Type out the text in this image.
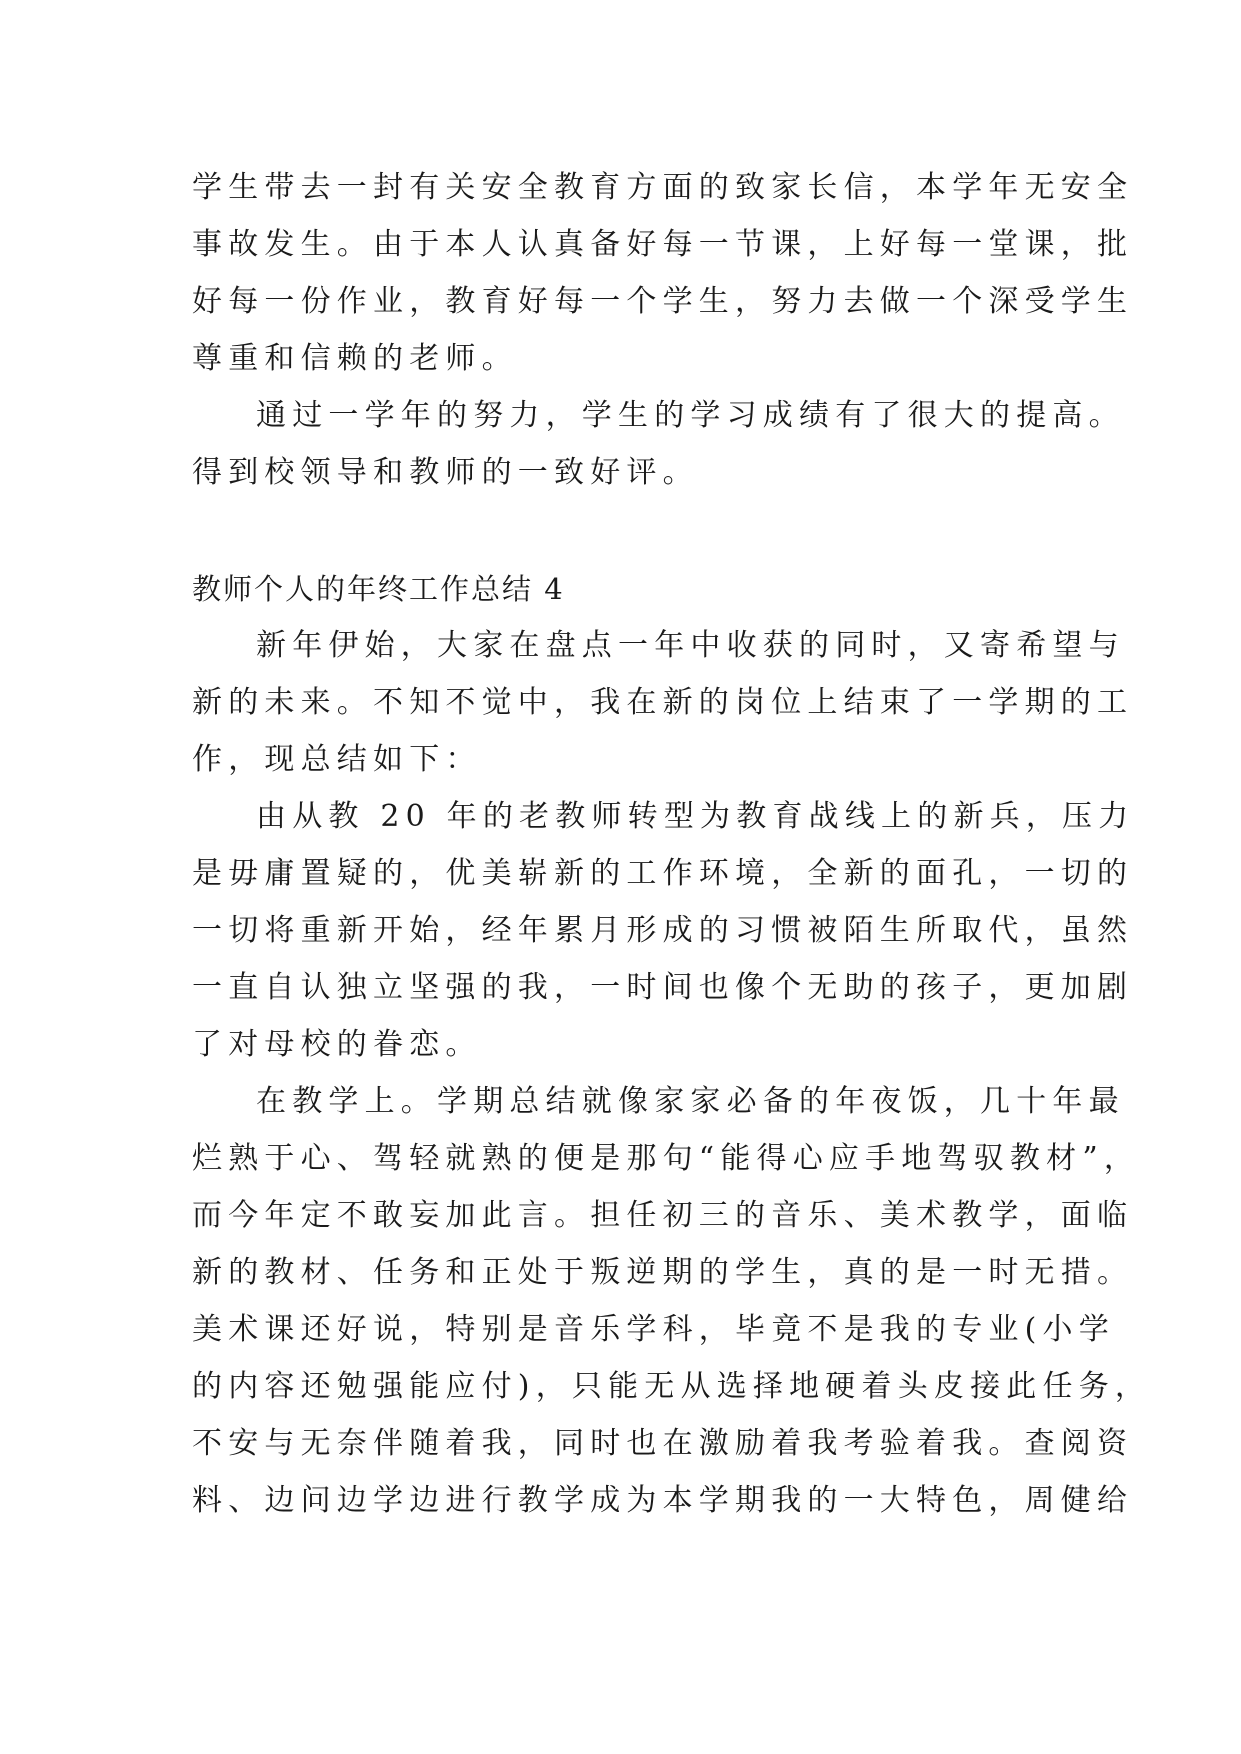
学生带去一封有关安全教育方面的致家长信，本学年无安全

事故发生。由于本人认真备好每一节课，上好每一堂课，批

好每一份作业，教育好每一个学生，努力去做一个深受学生

尊重和信赖的老师。

通过一学年的努力，学生的学习成绩有了很大的提高。

得到校领导和教师的一致好评。

教师个人的年终工作总结 4

新年伊始，大家在盘点一年中收获的同时，又寄希望与

新的未来。不知不觉中，我在新的岗位上结束了一学期的工

作，现总结如下：

由从教 20 年的老教师转型为教育战线上的新兵，压力

是毋庸置疑的，优美崭新的工作环境，全新的面孔，一切的

一切将重新开始，经年累月形成的习惯被陌生所取代，虽然

一直自认独立坚强的我，一时间也像个无助的孩子，更加剧

了对母校的眷恋。

在教学上。学期总结就像家家必备的年夜饭，几十年最

烂熟于心、驾轻就熟的便是那句“能得心应手地驾驭教材”，

而今年定不敢妄加此言。担任初三的音乐、美术教学，面临

新的教材、任务和正处于叛逆期的学生，真的是一时无措。

美术课还好说，特别是音乐学科，毕竟不是我的专业(小学

的内容还勉强能应付)，只能无从选择地硬着头皮接此任务，

不安与无奈伴随着我，同时也在激励着我考验着我。查阅资

料、边问边学边进行教学成为本学期我的一大特色，周健给
